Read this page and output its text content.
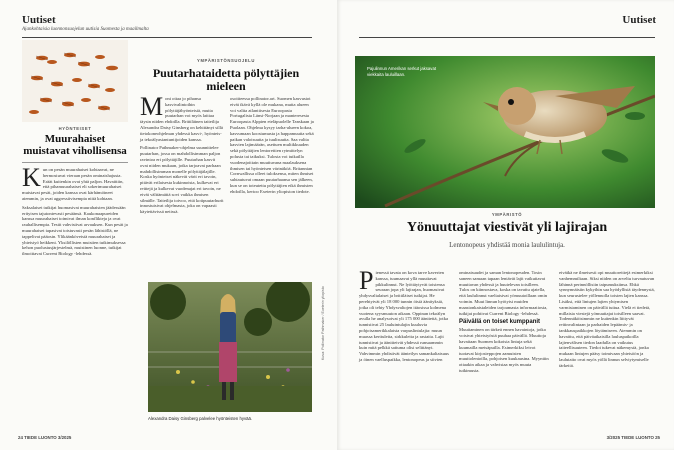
Uutiset
Ajankohtaisia luonnonsuojelun uutisia Suomesta ja maailmalta
HYÖNTEISET
Muurahaiset muistavat vihollisensa

Kun on pesän muurahaiset kohtaavat, ne hermostuvat vieraan pesän ominaishajusta. Eräät kuitenkin ovat yhtä paljon. Havaittiin, että pihamuurahaiset eli sokerimuurahaiset muistavat pesät, joiden kanssa ovat kärhämöineet aiemmin, ja ovat aggressiivisempia niitä kohtaan.

Saksalaiset tutkijat huomasivat muurahaisten jäädessään erityisen tajutontevasti pesäänsä. Kaukonaapureiden kanssa muurahaiset toimivat ilman konflikteja ja ovat rauhallisempia. Testit vahvistivat arvauksen. Kun pesät ja muurahaiset tapasivat toistuvasti pesän lähistöllä, ne tappelivat pääosin. Ylikäänköveistä muurahaiset ja yhteistyö heikkeni. Yksilöllisten muistien tutkimuksessa kehon puolustusjärjestelmä, muistinen luonne, tutkijat ilmoittavat Current Biology -lehdessä.

YMPÄRISTÖNSUOJELU
Puutarhataidetta pölyttäjien mieleen

Moni ottaa jo pihansa kasvivalintoihin pölyttäjähyönteisiä, mutta puutarhan voi myös laittaa täysin niiden ehdoilla. Brittiläinen taiteilija Alexandra Daisy Ginsberg on kehittänyt sillä tietokoneohjelman yhdessä kasvi-, hyönteis- ja tekoälyasiantuntijoiden kanssa.

Pollinator Pathmaker-ohjelma suunnittelee puutarhan, jossa on mahdollisimman paljon ravintoa eri pölyttäjille. Puutarhan kasvit ovat niiden mukaan, jotka tarjoavat parhaan mahdollisimman monelle pölyttäjälajille. Koska hyönteiset näkevät värit eri tavoin, pitävät erilaisesta kukinnoista, kulkevat eri reittejä ja kulkevat vuodenajat eri tavoin, ne eivät välttämättä sovi vaikka ihmisen silmälle. Taiteilija toivoo, että kotipuutarhurit innostuisivat ohjelmasta, joka on vapaasti käytettävissä netissä.

osoitteessa pollinator.art. Suomen kasvustot eivät ikävä kyllä ole mukana, mutta alueen voi valita atlanttisesta Euroopasta Portugalista Länsi-Norjaan ja manteresesta Euroopasta Alppien eteläpuolelle Tanskaan ja Puolaan. Ohjelma kysyy tarha-alueen kokoa, kasvumaan koostumusta ja happamuutta sekä paikan valoisuutta ja tuulisuutta. Saa valita kasvien lajimäärän, asettuen multikkuuden sekä pölyttäjien lentorettien rytmittelyn polusta tai taikuksi. Tulosta voi tutkailla vuodenajoittain muuttuvana maalauksena ihmisen tai hyönteisen värinäköä. Britannian Cornwallissa olleet tuloksensa, miten ihmiset suhtautuvat omaan puutarhaansa sen jälkeen, kun se on toteutettu pölyttäjien eikä ihmisten ehdoilla, kertoo Exeterin yliopiston tiedote.

Alexandra Daisy Ginsberg palvelee hyönteisten hyvää.
24 TIEDE LUONTO 3/2025
Uutiset
Pajulinnun Amerikan serkut jaksavat viekkaita lauluillaan.
YMPÄRISTÖ
Yönuuttajat viestivät yli lajirajan
Lentonopeus yhdistää monia laululintuja.

Pienessä tavata on kova tarve kaverien kanssa, tuumaavat yllä muuttavat pikkulinnut. Ne lyöttäytyvät toistensa seuraan jopa yli lajirajan, huomasivat yhdysvaltalaiset ja brittiläiset tutkijat. He perehtyivät yli 18 000 tunnin öisiä äänityksiä, jotka oli tehty Yhdysvaltojen itäosissa kolmena vuotena syysmuuton aikaan. Oppinan tekoälyn avulla he analysoivat yli 175 000 äänitettä, jotka tunnistivat 25 lauluintulajin kuuluvia pohjoisamerikkalaista varpuslintulajia: muun muassa kerttuleita, sirkkuleita ja rastaita. Lajit tunnistivat ja äänitteivät yhdessä runsaammin kuin mitä pelkkä sattuma olisi selittänyt. Vahvimmin yhdistivät äänteilyn samankaltaisuus ja öinen vaelluspaikka, lentonopeus ja siivien

ominaisuudet ja saman lentonopeuden. Tosin saneen samaan tapaan lentävät lajit vaikuttavat muuttavan yhdessä ja huutelevan toisilleen. Tulos on kiinnostava, koska on tavattu ajatella, että laululinnut vaeltaisivat yömuutoillaan omin voimin. Muut linnun hyötyisi muiden maastonkaistaleiden tarjoamasta informaatiosta, tutkijat pohtivat Current Biology -lehdessä.

Päivällä on toiset kumppanit

Muuttaminen on tärkeä ennen havaintoja, jotka voisivat yhteistyöstä puuhaa päivällä. Muuttoja havaitaan Suomen kokoisia lintuja sekä kuumailla metsäpuilla. Esimerkiksi leivot tuotavat kirjosieppojen aamuisten muuttolentoilla, pohjoisen kuukausina. Myyntiin ottaakin aikaa ja vahvistaa myös muuta tutkimusta.

eivätkä ne ilmeisesti opi muuttoreittejä esimerkiksi vanhemmiltaan. Siksi niiden on arveltu turvautuvan lähinnä perinnöllisiin taipumuksiinsa. Ehkä synnynnäisiin kykyihin saa hyödyllisiä täydennystä, kun seurustelee yöllennolla toisten lajien kanssa. Lisäksi, että lintujen lajien yhtymisen varmistaminen on päivällä tuttua. Vielä ei tiedetä, millaisia viestejä yömuuttajat toisilleen saavat. Todennäköisimmin ne kuitenkin liittyvät reitinvalintaan ja parhaiden lepäämis- ja tankkauspaikkojen löytämiseen. Aiemmin on havaittu, että päiväaikaisilla lauluspaikoilla lajienvälisen tiedon laadulla on vaikutus taiteellisuuteen. Tiedot tukevat näkemystä, jonka mukaan lintujen pääsy toimivaan yhteisöön ja laulutaito ovat myös yöllä linnun selviytymiselle tärkeitä.

3/2025 TIEDE LUONTO 25
